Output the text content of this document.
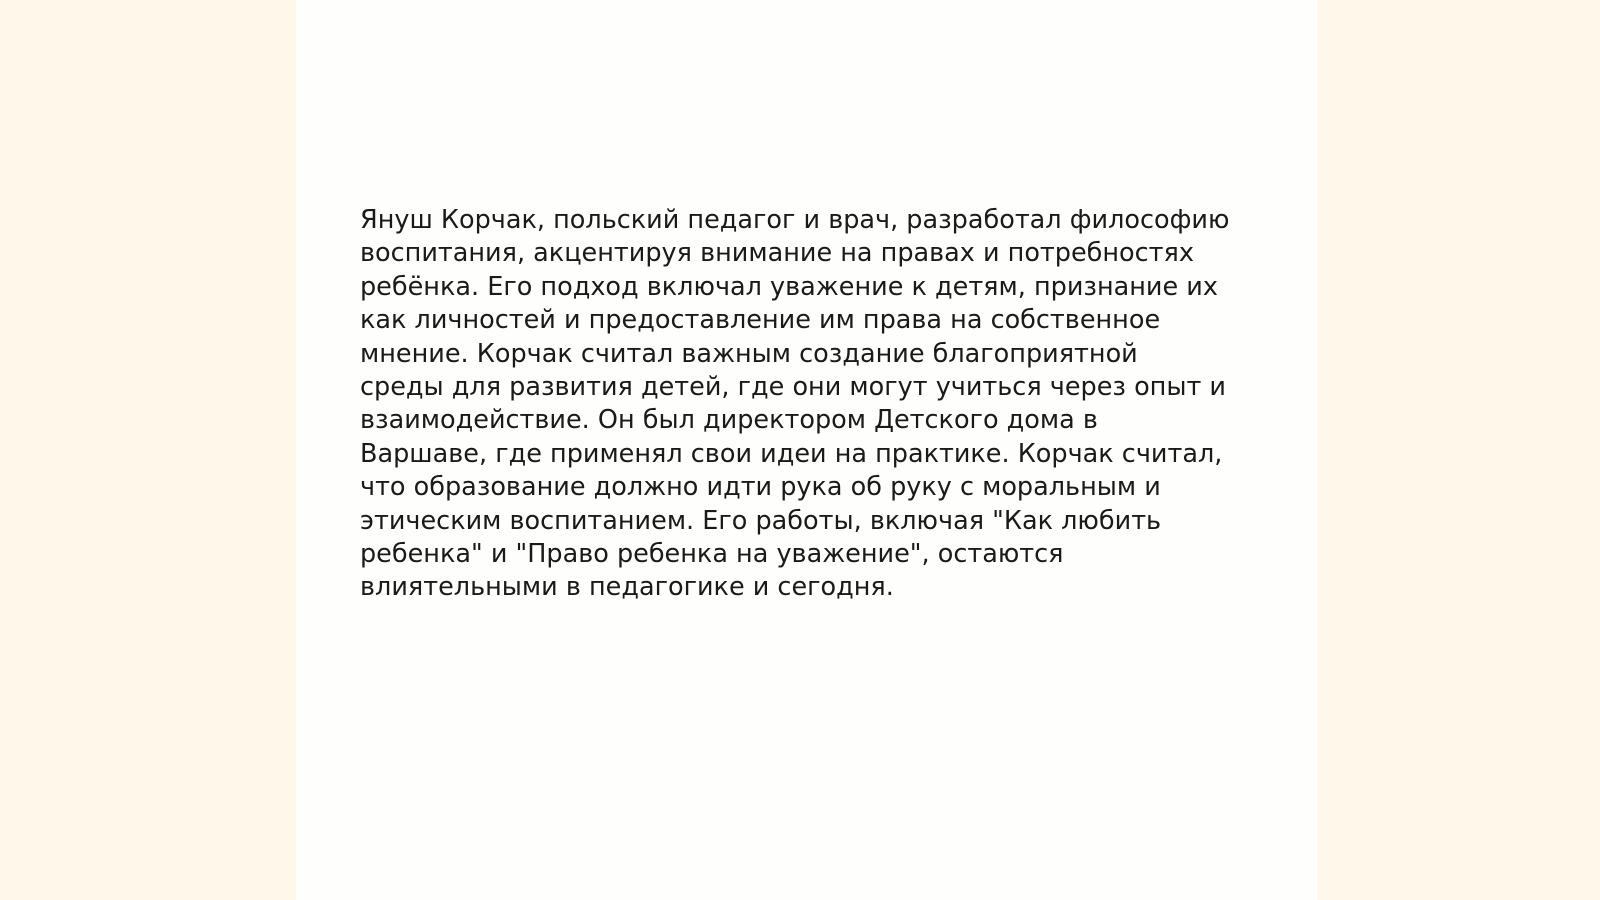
Януш Корчак, польский педагог и врач, разработал философию
воспитания, акцентируя внимание на правах и потребностях
ребёнка. Его подход включал уважение к детям, признание их
как личностей и предоставление им права на собственное
мнение. Корчак считал важным создание благоприятной
среды для развития детей, где они могут учиться через опыт и
взаимодействие. Он был директором Детского дома в
Варшаве, где применял свои идеи на практике. Корчак считал,
что образование должно идти рука об руку с моральным и
этическим воспитанием. Его работы, включая "Как любить
ребенка" и "Право ребенка на уважение", остаются
влиятельными в педагогике и сегодня.
